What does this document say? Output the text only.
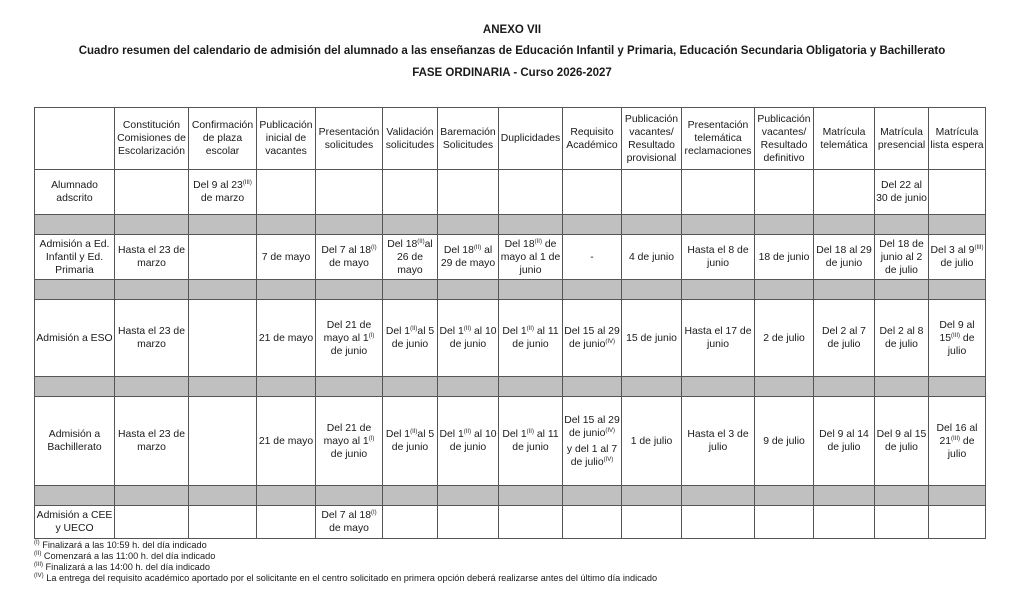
ANEXO VII
Cuadro resumen del calendario de admisión del alumnado a las enseñanzas de Educación Infantil y Primaria, Educación Secundaria Obligatoria y Bachillerato
FASE ORDINARIA - Curso 2026-2027
	Constitución Comisiones de Escolarización	Confirmación de plaza escolar	Publicación inicial de vacantes	Presentación solicitudes	Validación solicitudes	Baremación Solicitudes	Duplicidades	Requisito Académico	Publicación vacantes/ Resultado provisional	Presentación telemática reclamaciones	Publicación vacantes/ Resultado definitivo	Matrícula telemática	Matrícula presencial	Matrícula lista espera
Alumnado adscrito		Del 9 al $23^{(III)}$ de marzo											Del 22 al 30 de junio	

Admisión a Ed. Infantil y Ed. Primaria	Hasta el 23 de marzo		7 de mayo	Del 7 al $18^{(I)}$ de mayo	Del $18^{(II)}al$ 26 de mayo	Del $18^{(II)}$ al 29 de mayo	Del $18^{(II)}$ de mayo al 1 de junio	-	4 de junio	Hasta el 8 de junio	18 de junio	Del 18 al 29 de junio	Del 18 de junio al 2 de julio	Del 3 al $9^{(III)}$ de julio

Admisión a ESO	Hasta el 23 de marzo		21 de mayo	Del 21 de mayo al $1^{(I)}$ de junio	Del $1^{(II)}al$ 5 de junio	Del $1^{(II)}$ al 10 de junio	Del $1^{(II)}$ al 11 de junio	Del 15 al 29 de junio$^{(IV)}$	15 de junio	Hasta el 17 de junio	2 de julio	Del 2 al 7 de julio	Del 2 al 8 de julio	Del 9 al $15^{(III)}$ de julio

Admisión a Bachillerato	Hasta el 23 de marzo		21 de mayo	Del 21 de mayo al $1^{(I)}$ de junio	Del $1^{(II)}al$ 5 de junio	Del $1^{(II)}$ al 10 de junio	Del $1^{(II)}$ al 11 de junio	Del 15 al 29 de junio$^{(IV)}$
y del 1 al 7 de julio$^{(IV)}$	1 de julio	Hasta el 3 de julio	9 de julio	Del 9 al 14 de julio	Del 9 al 15 de julio	Del 16 al $21^{(III)}$ de julio

Admisión a CEE y UECO				Del 7 al $18^{(I)}$ de mayo										
$^{(I)}$ Finalizará a las 10:59 h. del día indicado
$^{(II)}$ Comenzará a las 11:00 h. del día indicado
$^{(III)}$ Finalizará a las 14:00 h. del día indicado
$^{(IV)}$ La entrega del requisito académico aportado por el solicitante en el centro solicitado en primera opción deberá realizarse antes del último día indicado
